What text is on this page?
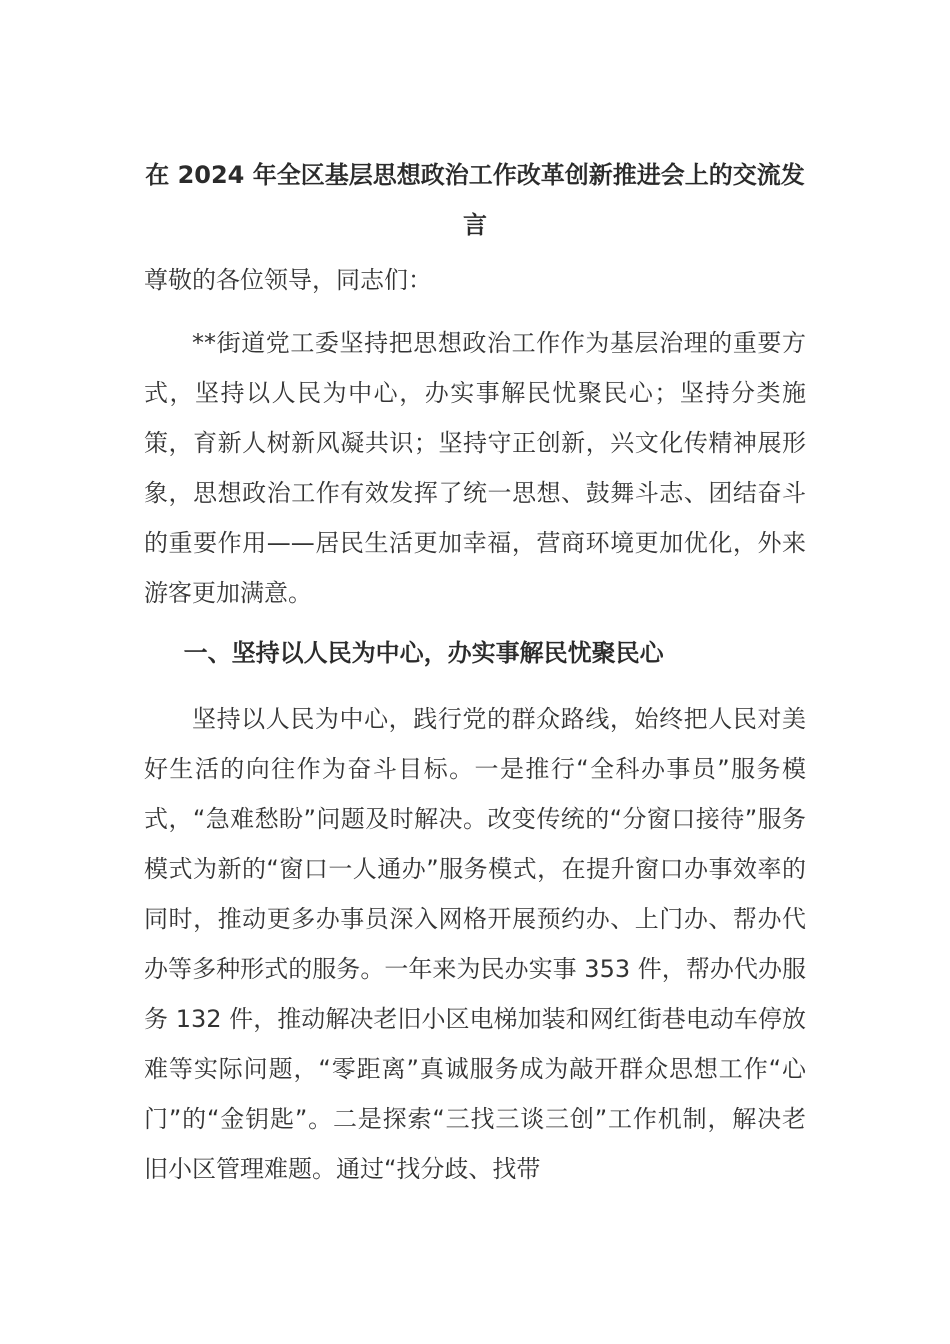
在 2024 年全区基层思想政治工作改革创新推进会上的交流发言

尊敬的各位领导，同志们：

**街道党工委坚持把思想政治工作作为基层治理的重要方式，坚持以人民为中心，办实事解民忧聚民心；坚持分类施策，育新人树新风凝共识；坚持守正创新，兴文化传精神展形象，思想政治工作有效发挥了统一思想、鼓舞斗志、团结奋斗的重要作用——居民生活更加幸福，营商环境更加优化，外来游客更加满意。

一、坚持以人民为中心，办实事解民忧聚民心

坚持以人民为中心，践行党的群众路线，始终把人民对美好生活的向往作为奋斗目标。一是推行“全科办事员”服务模式，“急难愁盼”问题及时解决。改变传统的“分窗口接待”服务模式为新的“窗口一人通办”服务模式，在提升窗口办事效率的同时，推动更多办事员深入网格开展预约办、上门办、帮办代办等多种形式的服务。一年来为民办实事 353 件，帮办代办服务 132 件，推动解决老旧小区电梯加装和网红街巷电动车停放难等实际问题，“零距离”真诚服务成为敲开群众思想工作“心门”的“金钥匙”。二是探索“三找三谈三创”工作机制，解决老旧小区管理难题。通过“找分歧、找带
